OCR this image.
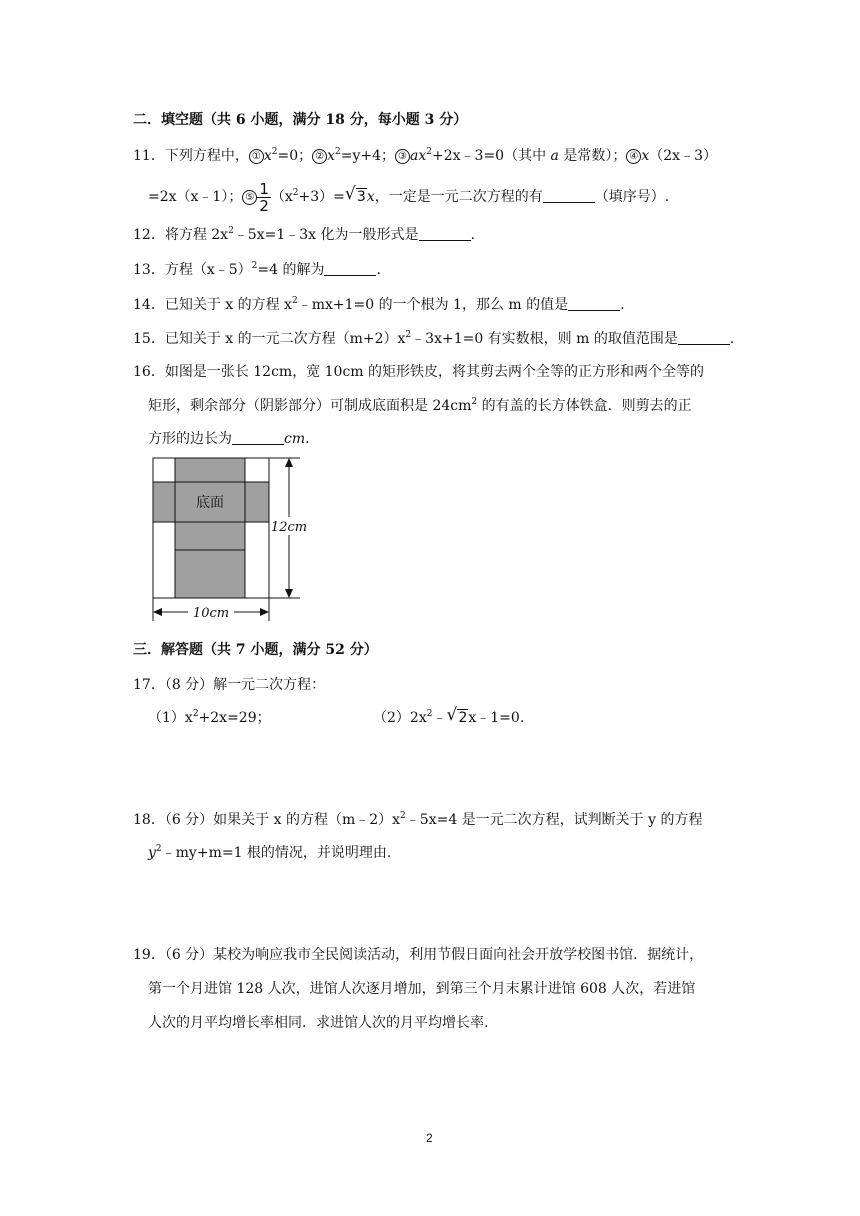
二．填空题（共 6 小题，满分 18 分，每小题 3 分）
11．下列方程中， ① $x^2=0$； ② $x^2=y+4$； ③ $ax^2+2x﹣3=0$（其中 a 是常数）； ④ x（2x﹣3）
=2x（x﹣1）； ⑤ $\frac{1}{2} (x^2+3)=$ √ 3x，一定是一元二次方程的有	（填序号）.
12．将方程 $2x^2﹣5x=1﹣3x$ 化为一般形式是	.
13．方程（x﹣5）$^2$=4 的解为	.
14．已知关于 x 的方程 $x^2﹣mx+1=0$ 的一个根为 1，那么 m 的值是	.
15．已知关于 x 的一元二次方程$(m+2)x^2﹣3x+1=0$ 有实数根，则 m 的取值范围是	.
16．如图是一张长 12cm，宽 10cm 的矩形铁皮，将其剪去两个全等的正方形和两个全等的
矩形，剩余部分（阴影部分）可制成底面积是 $24cm^2$ 的有盖的长方体铁盒．则剪去的正
方形的边长为	cm.
底面
12cm
10cm
三．解答题（共 7 小题，满分 52 分）
17．（8 分）解一元二次方程：
$(1)x^2+2x=29$；	$(2)2x^2﹣$ √ 2x﹣1=0.
18．（6 分）如果关于 x 的方程$(m﹣2)x^2﹣5x=4$ 是一元二次方程，试判断关于 y 的方程
$y^2﹣my+m=1$ 根的情况，并说明理由.
19．（6 分）某校为响应我市全民阅读活动，利用节假日面向社会开放学校图书馆．据统计，
第一个月进馆 128 人次，进馆人次逐月增加，到第三个月末累计进馆 608 人次，若进馆
人次的月平均增长率相同．求进馆人次的月平均增长率.
2
